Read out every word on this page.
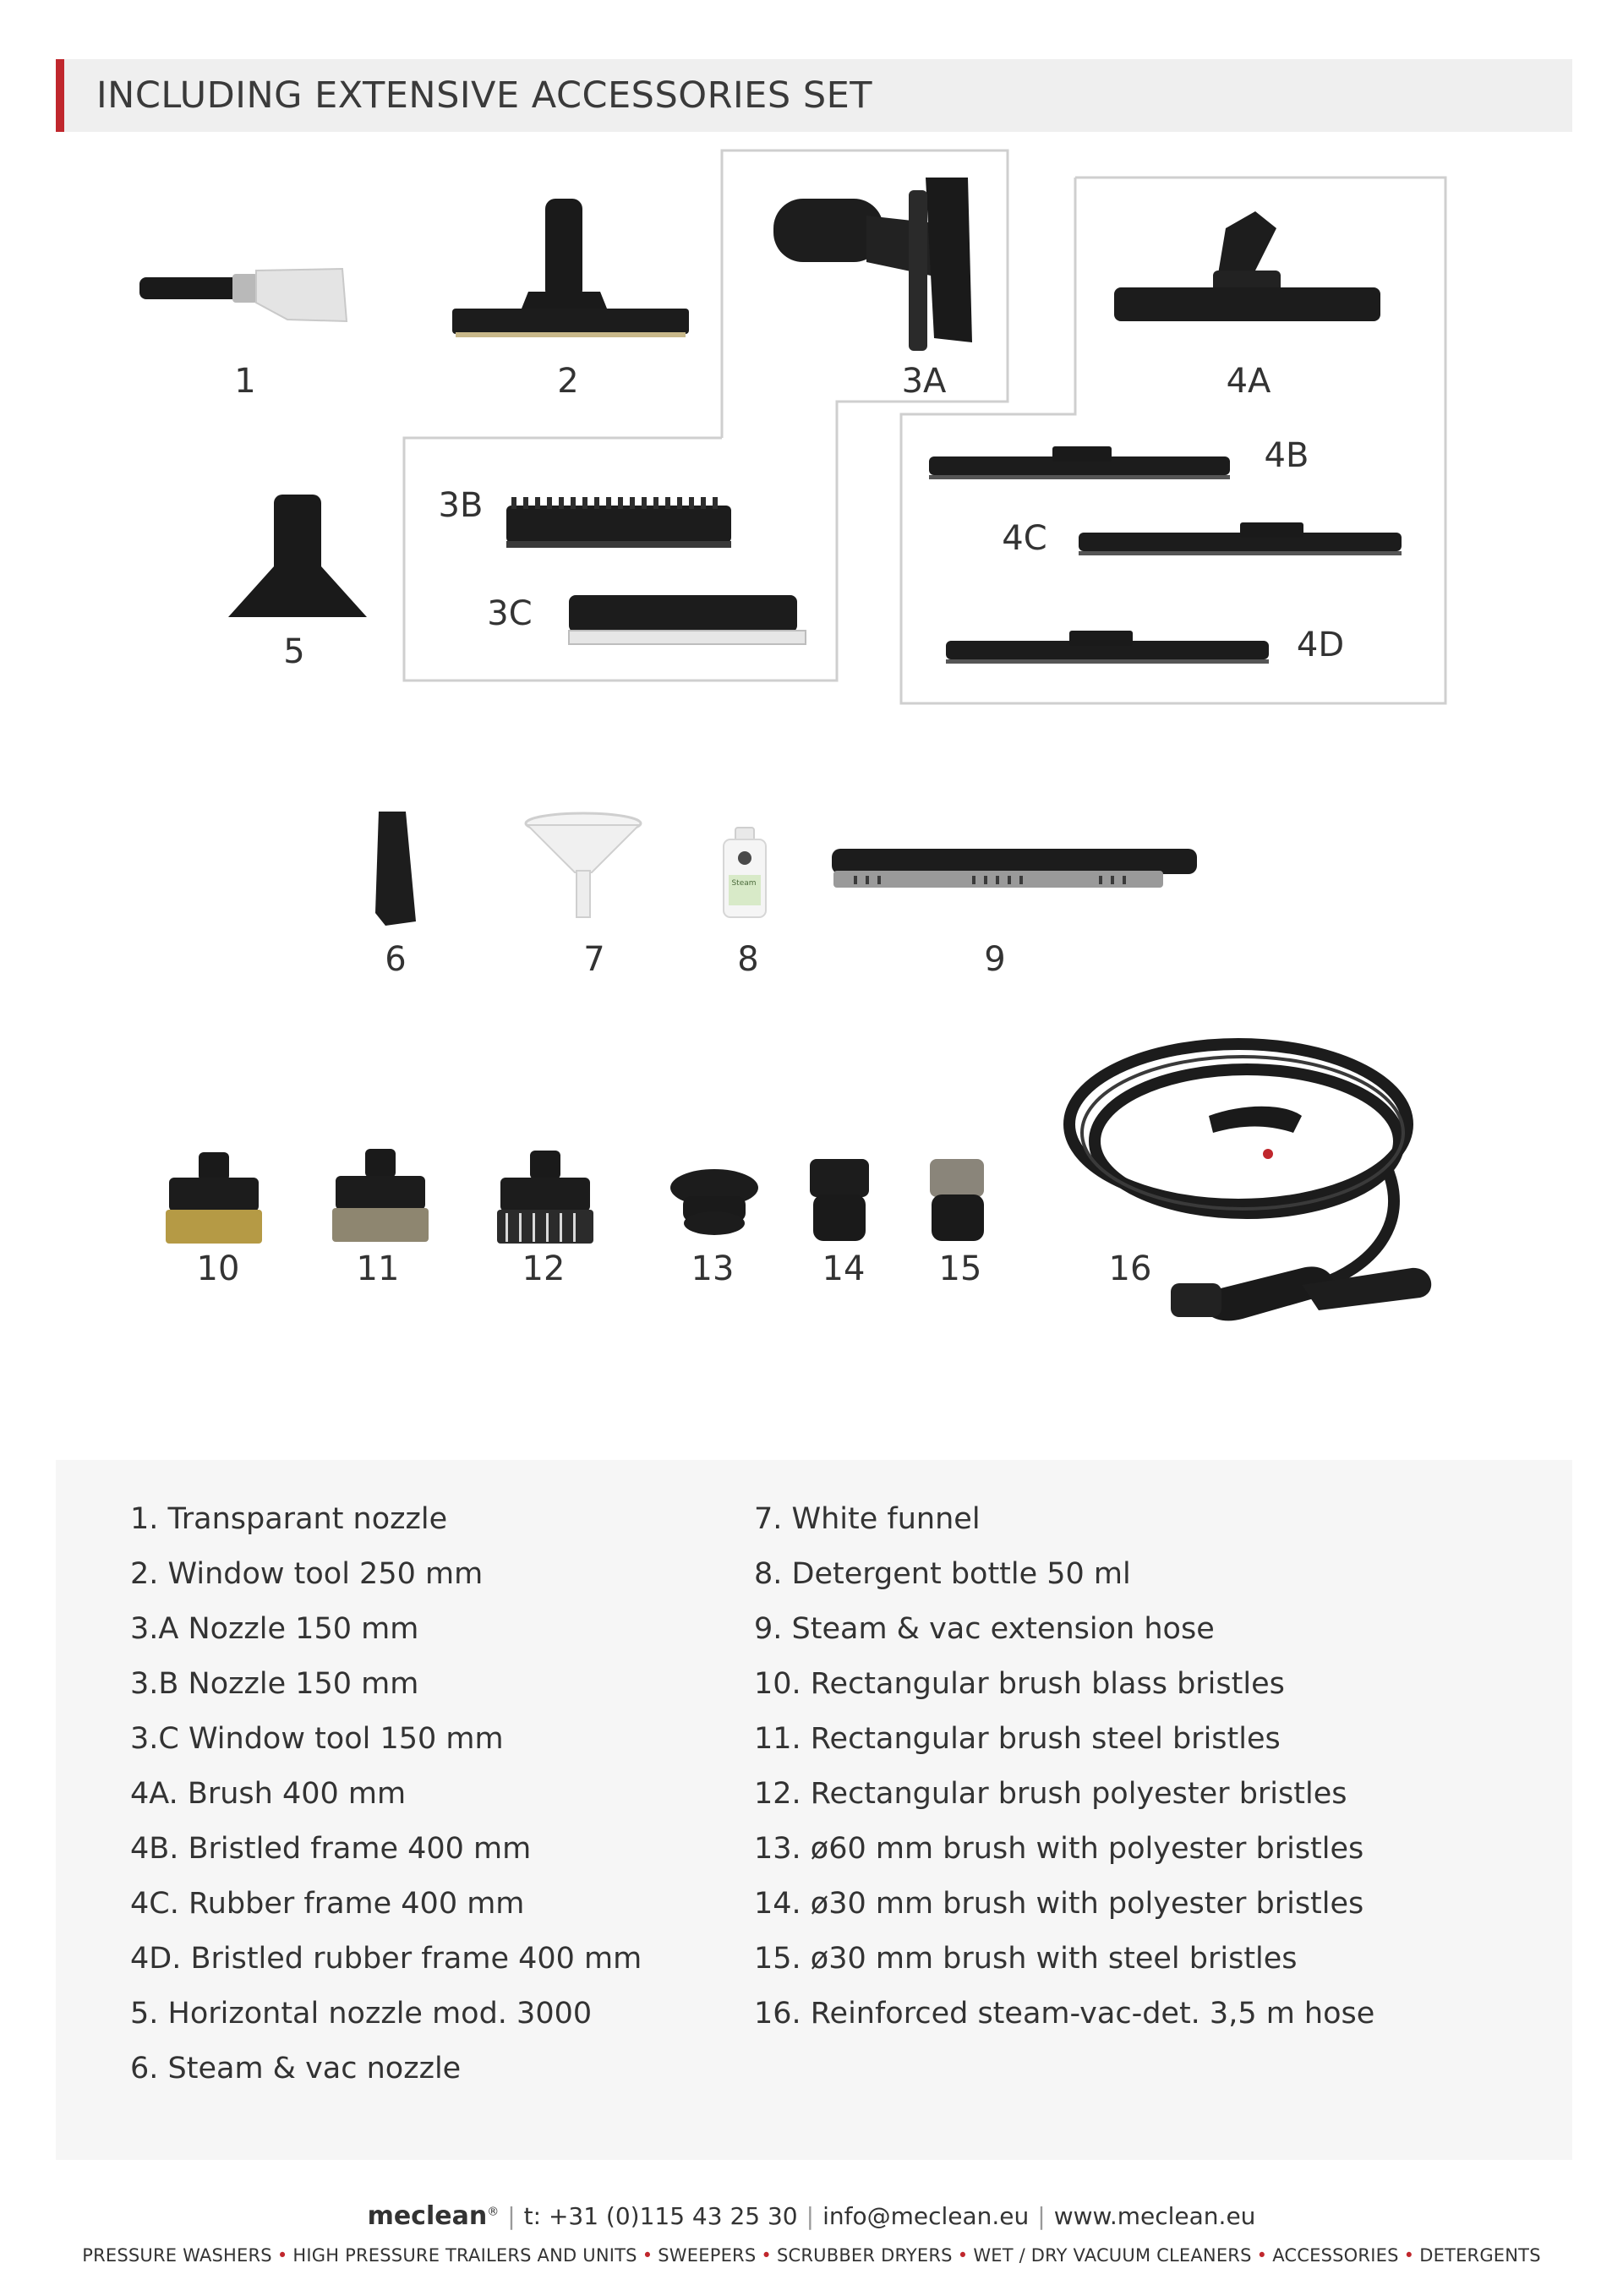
INCLUDING EXTENSIVE ACCESSORIES SET
1	2	3A	4A
5
3B
3C
4B
4C
4D
6	7	8	9
10	11	12	13	14 15	16
1. Transparant nozzle
2. Window tool 250 mm
3.A Nozzle 150 mm
3.B Nozzle 150 mm
3.C Window tool 150 mm
4A. Brush 400 mm
4B. Bristled frame 400 mm
4C. Rubber frame 400 mm
4D. Bristled rubber frame 400 mm
5. Horizontal nozzle mod. 3000
6. Steam & vac nozzle
7. White funnel
8. Detergent bottle 50 ml
9. Steam & vac extension hose
10. Rectangular brush blass bristles
11. Rectangular brush steel bristles
12. Rectangular brush polyester bristles
13. ø60 mm brush with polyester bristles
14. ø30 mm brush with polyester bristles
15. ø30 mm brush with steel bristles
16. Reinforced steam-vac-det. 3,5 m hose
meclean® | t: +31 (0)115 43 25 30 | info@meclean.eu | www.meclean.eu
PRESSURE WASHERS • HIGH PRESSURE TRAILERS AND UNITS • SWEEPERS • SCRUBBER DRYERS • WET / DRY VACUUM CLEANERS • ACCESSORIES • DETERGENTS
Steam
